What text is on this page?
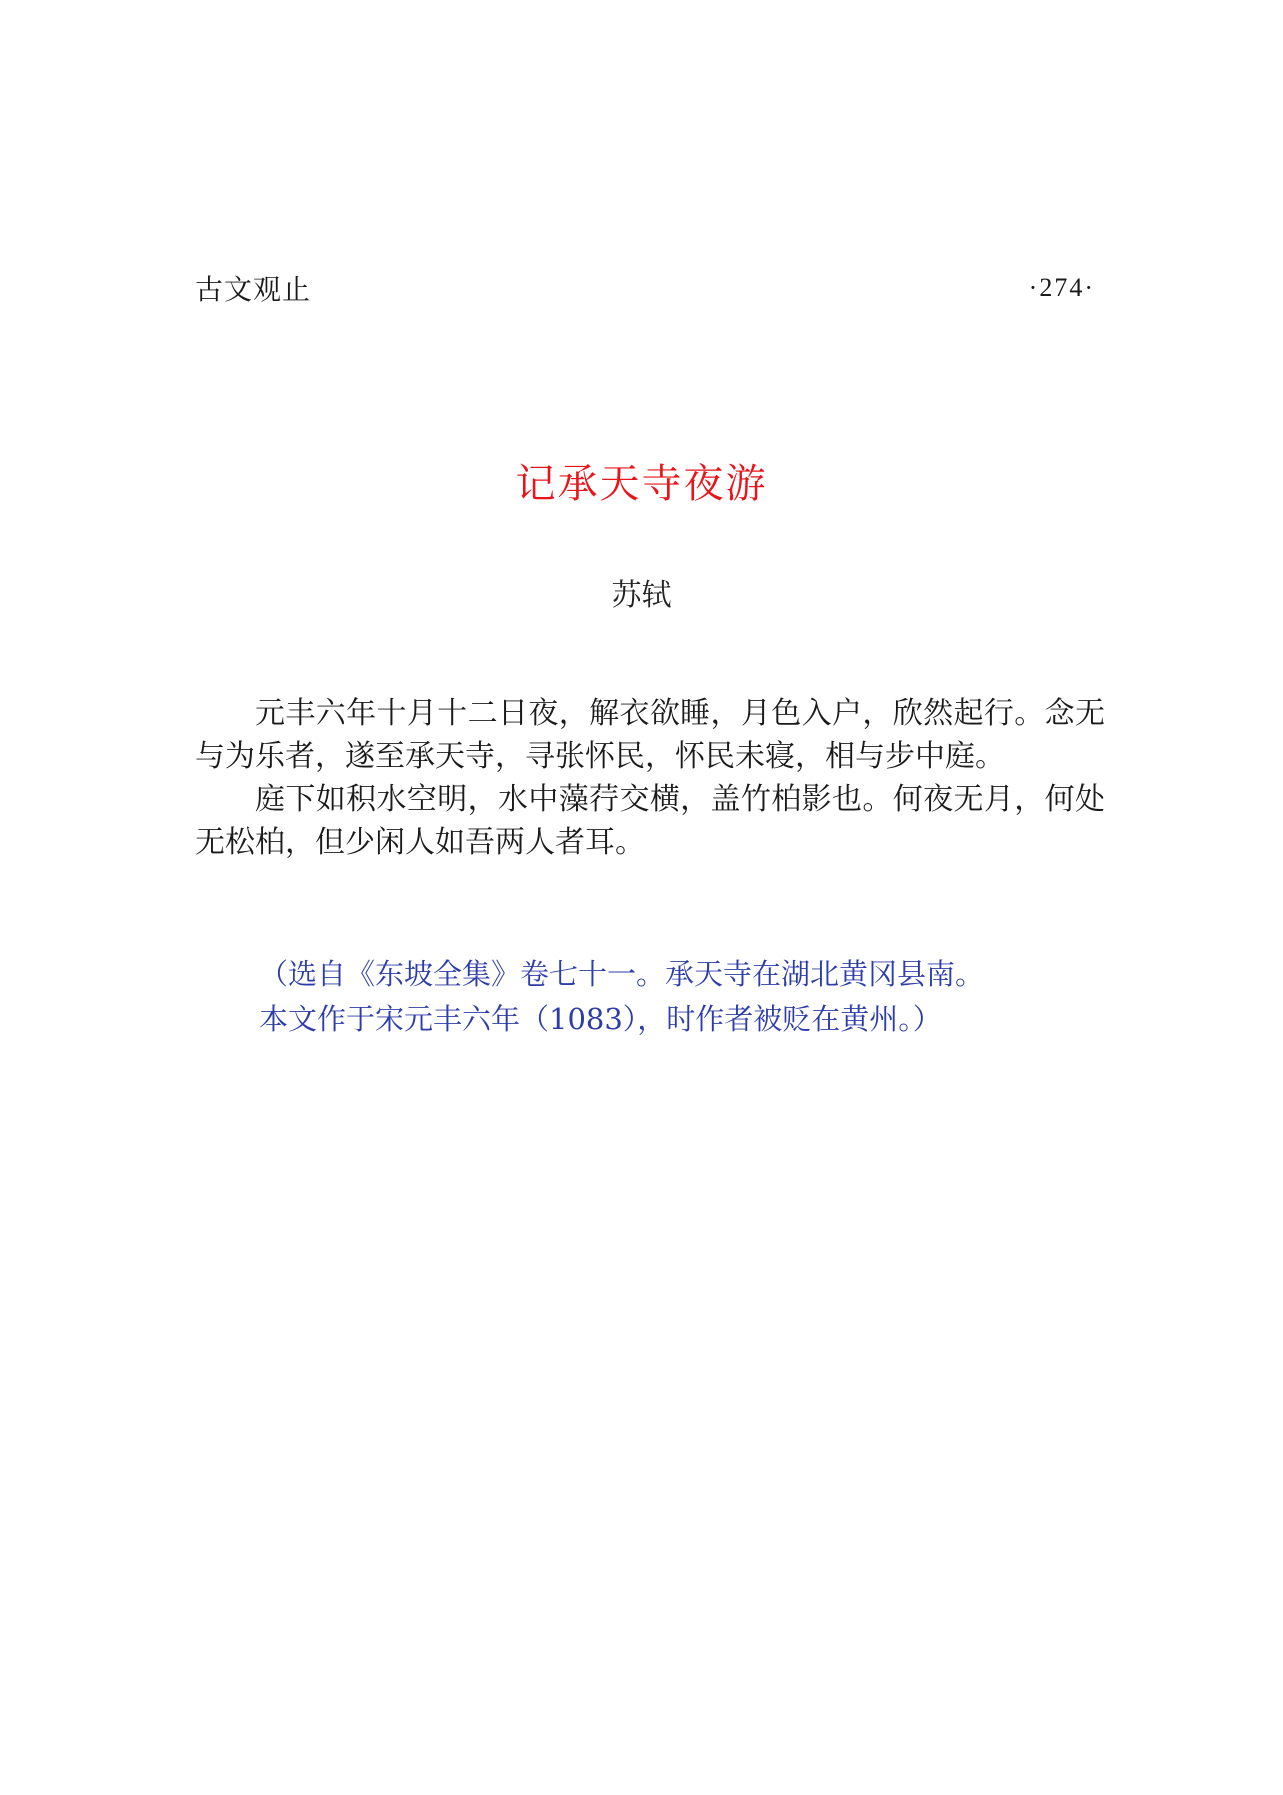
古文观止	·274·
记承天寺夜游
苏轼

元丰六年十月十二日夜，解衣欲睡，月色入户，欣然起行。念无与为乐者，遂至承天寺，寻张怀民，怀民未寝，相与步中庭。

庭下如积水空明，水中藻荇交横，盖竹柏影也。何夜无月，何处无松柏，但少闲人如吾两人者耳。

（选自《东坡全集》卷七十一。承天寺在湖北黄冈县南。

本文作于宋元丰六年（1083），时作者被贬在黄州。）
